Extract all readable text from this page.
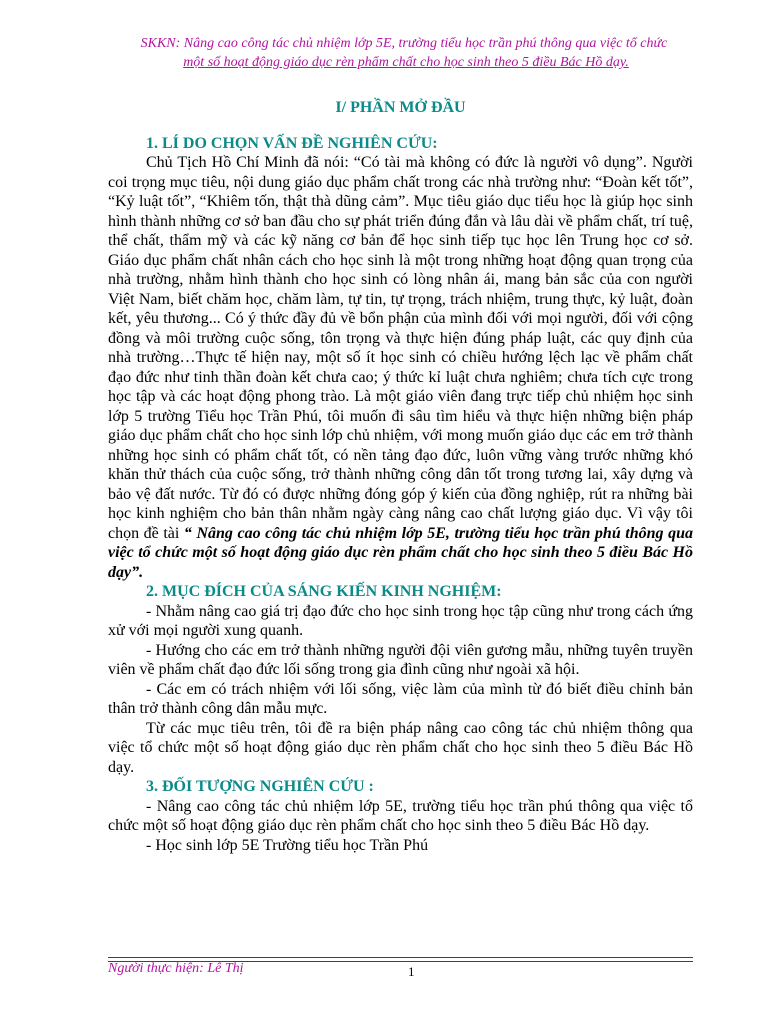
SKKN: Nâng cao công tác chủ nhiệm lớp 5E, trường tiểu học trần phú thông qua việc tổ chức
một số hoạt động giáo dục rèn phẩm chất cho học sinh theo 5 điều Bác Hồ dạy.
I/ PHẦN MỞ ĐẦU
1. LÍ DO CHỌN VẤN ĐỀ NGHIÊN CỨU:

Chủ Tịch Hồ Chí Minh đã nói: “Có tài mà không có đức là người vô dụng”. Người coi trọng mục tiêu, nội dung giáo dục phẩm chất trong các nhà trường như: “Đoàn kết tốt”, “Kỷ luật tốt”, “Khiêm tốn, thật thà dũng cảm”. Mục tiêu giáo dục tiểu học là giúp học sinh hình thành những cơ sở ban đầu cho sự phát triển đúng đắn và lâu dài về phẩm chất, trí tuệ, thể chất, thẩm mỹ và các kỹ năng cơ bản để học sinh tiếp tục học lên Trung học cơ sở. Giáo dục phẩm chất nhân cách cho học sinh là một trong những hoạt động quan trọng của nhà trường, nhằm hình thành cho học sinh có lòng nhân ái, mang bản sắc của con người Việt Nam, biết chăm học, chăm làm, tự tin, tự trọng, trách nhiệm, trung thực, kỷ luật, đoàn kết, yêu thương... Có ý thức đầy đủ về bổn phận của mình đối với mọi người, đối với cộng đồng và môi trường cuộc sống, tôn trọng và thực hiện đúng pháp luật, các quy định của nhà trường…Thực tế hiện nay, một số ít học sinh có chiều hướng lệch lạc về phẩm chất đạo đức như tinh thần đoàn kết chưa cao; ý thức kỉ luật chưa nghiêm; chưa tích cực trong học tập và các hoạt động phong trào. Là một giáo viên đang trực tiếp chủ nhiệm học sinh lớp 5 trường Tiểu học Trần Phú, tôi muốn đi sâu tìm hiểu và thực hiện những biện pháp giáo dục phẩm chất cho học sinh lớp chủ nhiệm, với mong muốn giáo dục các em trở thành những học sinh có phẩm chất tốt, có nền tảng đạo đức, luôn vững vàng trước những khó khăn thử thách của cuộc sống, trở thành những công dân tốt trong tương lai, xây dựng và bảo vệ đất nước. Từ đó có được những đóng góp ý kiến của đồng nghiệp, rút ra những bài học kinh nghiệm cho bản thân nhằm ngày càng nâng cao chất lượng giáo dục. Vì vậy tôi chọn đề tài “ Nâng cao công tác chủ nhiệm lớp 5E, trường tiểu học trần phú thông qua việc tổ chức một số hoạt động giáo dục rèn phẩm chất cho học sinh theo 5 điều Bác Hồ dạy”.

2. MỤC ĐÍCH CỦA SÁNG KIẾN KINH NGHIỆM:

- Nhằm nâng cao giá trị đạo đức cho học sinh trong học tập cũng như trong cách ứng xử với mọi người xung quanh.

- Hướng cho các em trở thành những người đội viên gương mẫu, những tuyên truyền viên về phẩm chất đạo đức lối sống trong gia đình cũng như ngoài xã hội.

- Các em có trách nhiệm với lối sống, việc làm của mình từ đó biết điều chỉnh bản thân trở thành công dân mẫu mực.

Từ các mục tiêu trên, tôi đề ra biện pháp nâng cao công tác chủ nhiệm thông qua việc tổ chức một số hoạt động giáo dục rèn phẩm chất cho học sinh theo 5 điều Bác Hồ dạy.

3. ĐỐI TƯỢNG NGHIÊN CỨU :

- Nâng cao công tác chủ nhiệm lớp 5E, trường tiểu học trần phú thông qua việc tổ chức một số hoạt động giáo dục rèn phẩm chất cho học sinh theo 5 điều Bác Hồ dạy.

- Học sinh lớp 5E Trường tiểu học Trần Phú

Người thực hiện: Lê Thị	1
